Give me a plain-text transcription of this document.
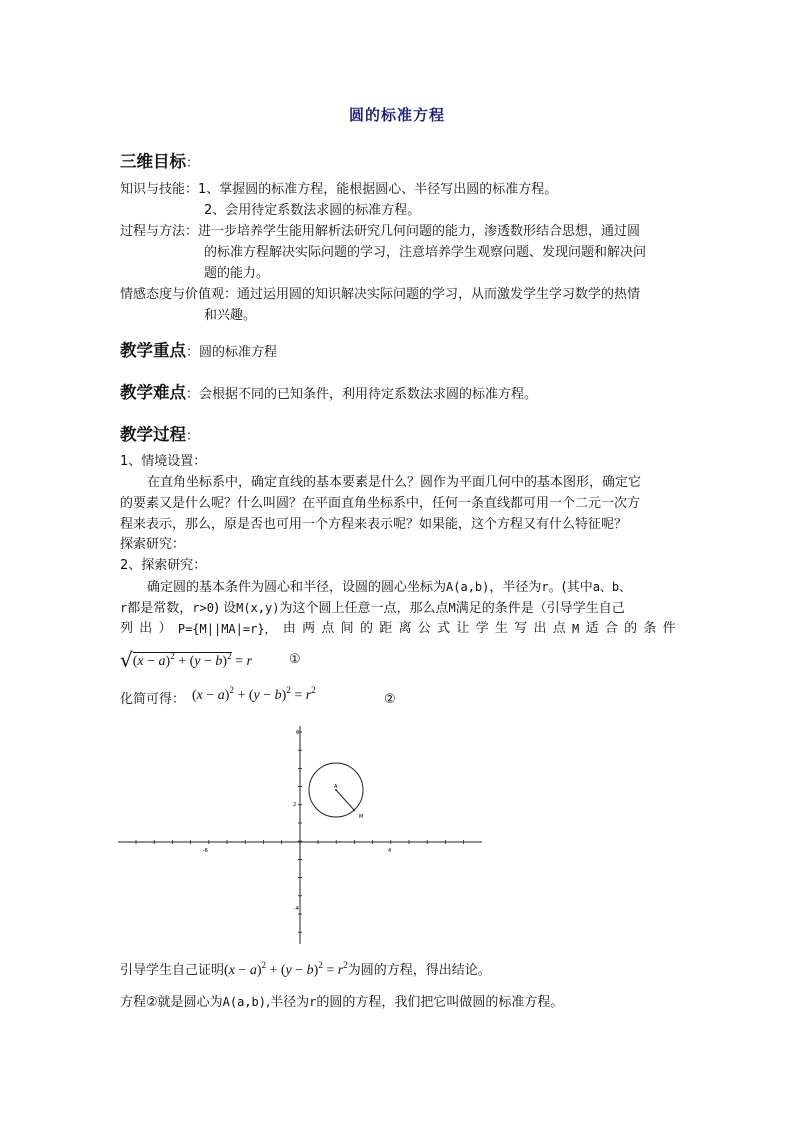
圆的标准方程
三维目标：
知识与技能：1、掌握圆的标准方程，能根据圆心、半径写出圆的标准方程。
2、会用待定系数法求圆的标准方程。
过程与方法：进一步培养学生能用解析法研究几何问题的能力，渗透数形结合思想，通过圆
的标准方程解决实际问题的学习，注意培养学生观察问题、发现问题和解决问
题的能力。
情感态度与价值观：通过运用圆的知识解决实际问题的学习，从而激发学生学习数学的热情
和兴趣。
教学重点：圆的标准方程
教学难点：会根据不同的已知条件，利用待定系数法求圆的标准方程。
教学过程：
1、情境设置：
在直角坐标系中，确定直线的基本要素是什么？圆作为平面几何中的基本图形，确定它
的要素又是什么呢？什么叫圆？在平面直角坐标系中，任何一条直线都可用一个二元一次方
程来表示，那么，原是否也可用一个方程来表示呢？如果能，这个方程又有什么特征呢？
探索研究：
2、探索研究：
确定圆的基本条件为圆心和半径，设圆的圆心坐标为A(a,b)，半径为r。(其中a、b、
r都是常数，r>0) 设M(x,y)为这个圆上任意一点，那么点M满足的条件是（引导学生自己
列 出 ） P={M||MA|=r}， 由 两 点 间 的 距 离 公 式 让 学 生 写 出 点 M 适 合 的 条 件
$√(x - a)^2 + (y - b)^2 = r$	①
化简可得： $(x - a)^2 + (y - b)^2 = r^2$
②
6
2
-6	4
-4
A
M
引导学生自己证明$(x - a)^2 + (y - b)^2 = r^2$为圆的方程，得出结论。
方程②就是圆心为A(a,b),半径为r的圆的方程，我们把它叫做圆的标准方程。
